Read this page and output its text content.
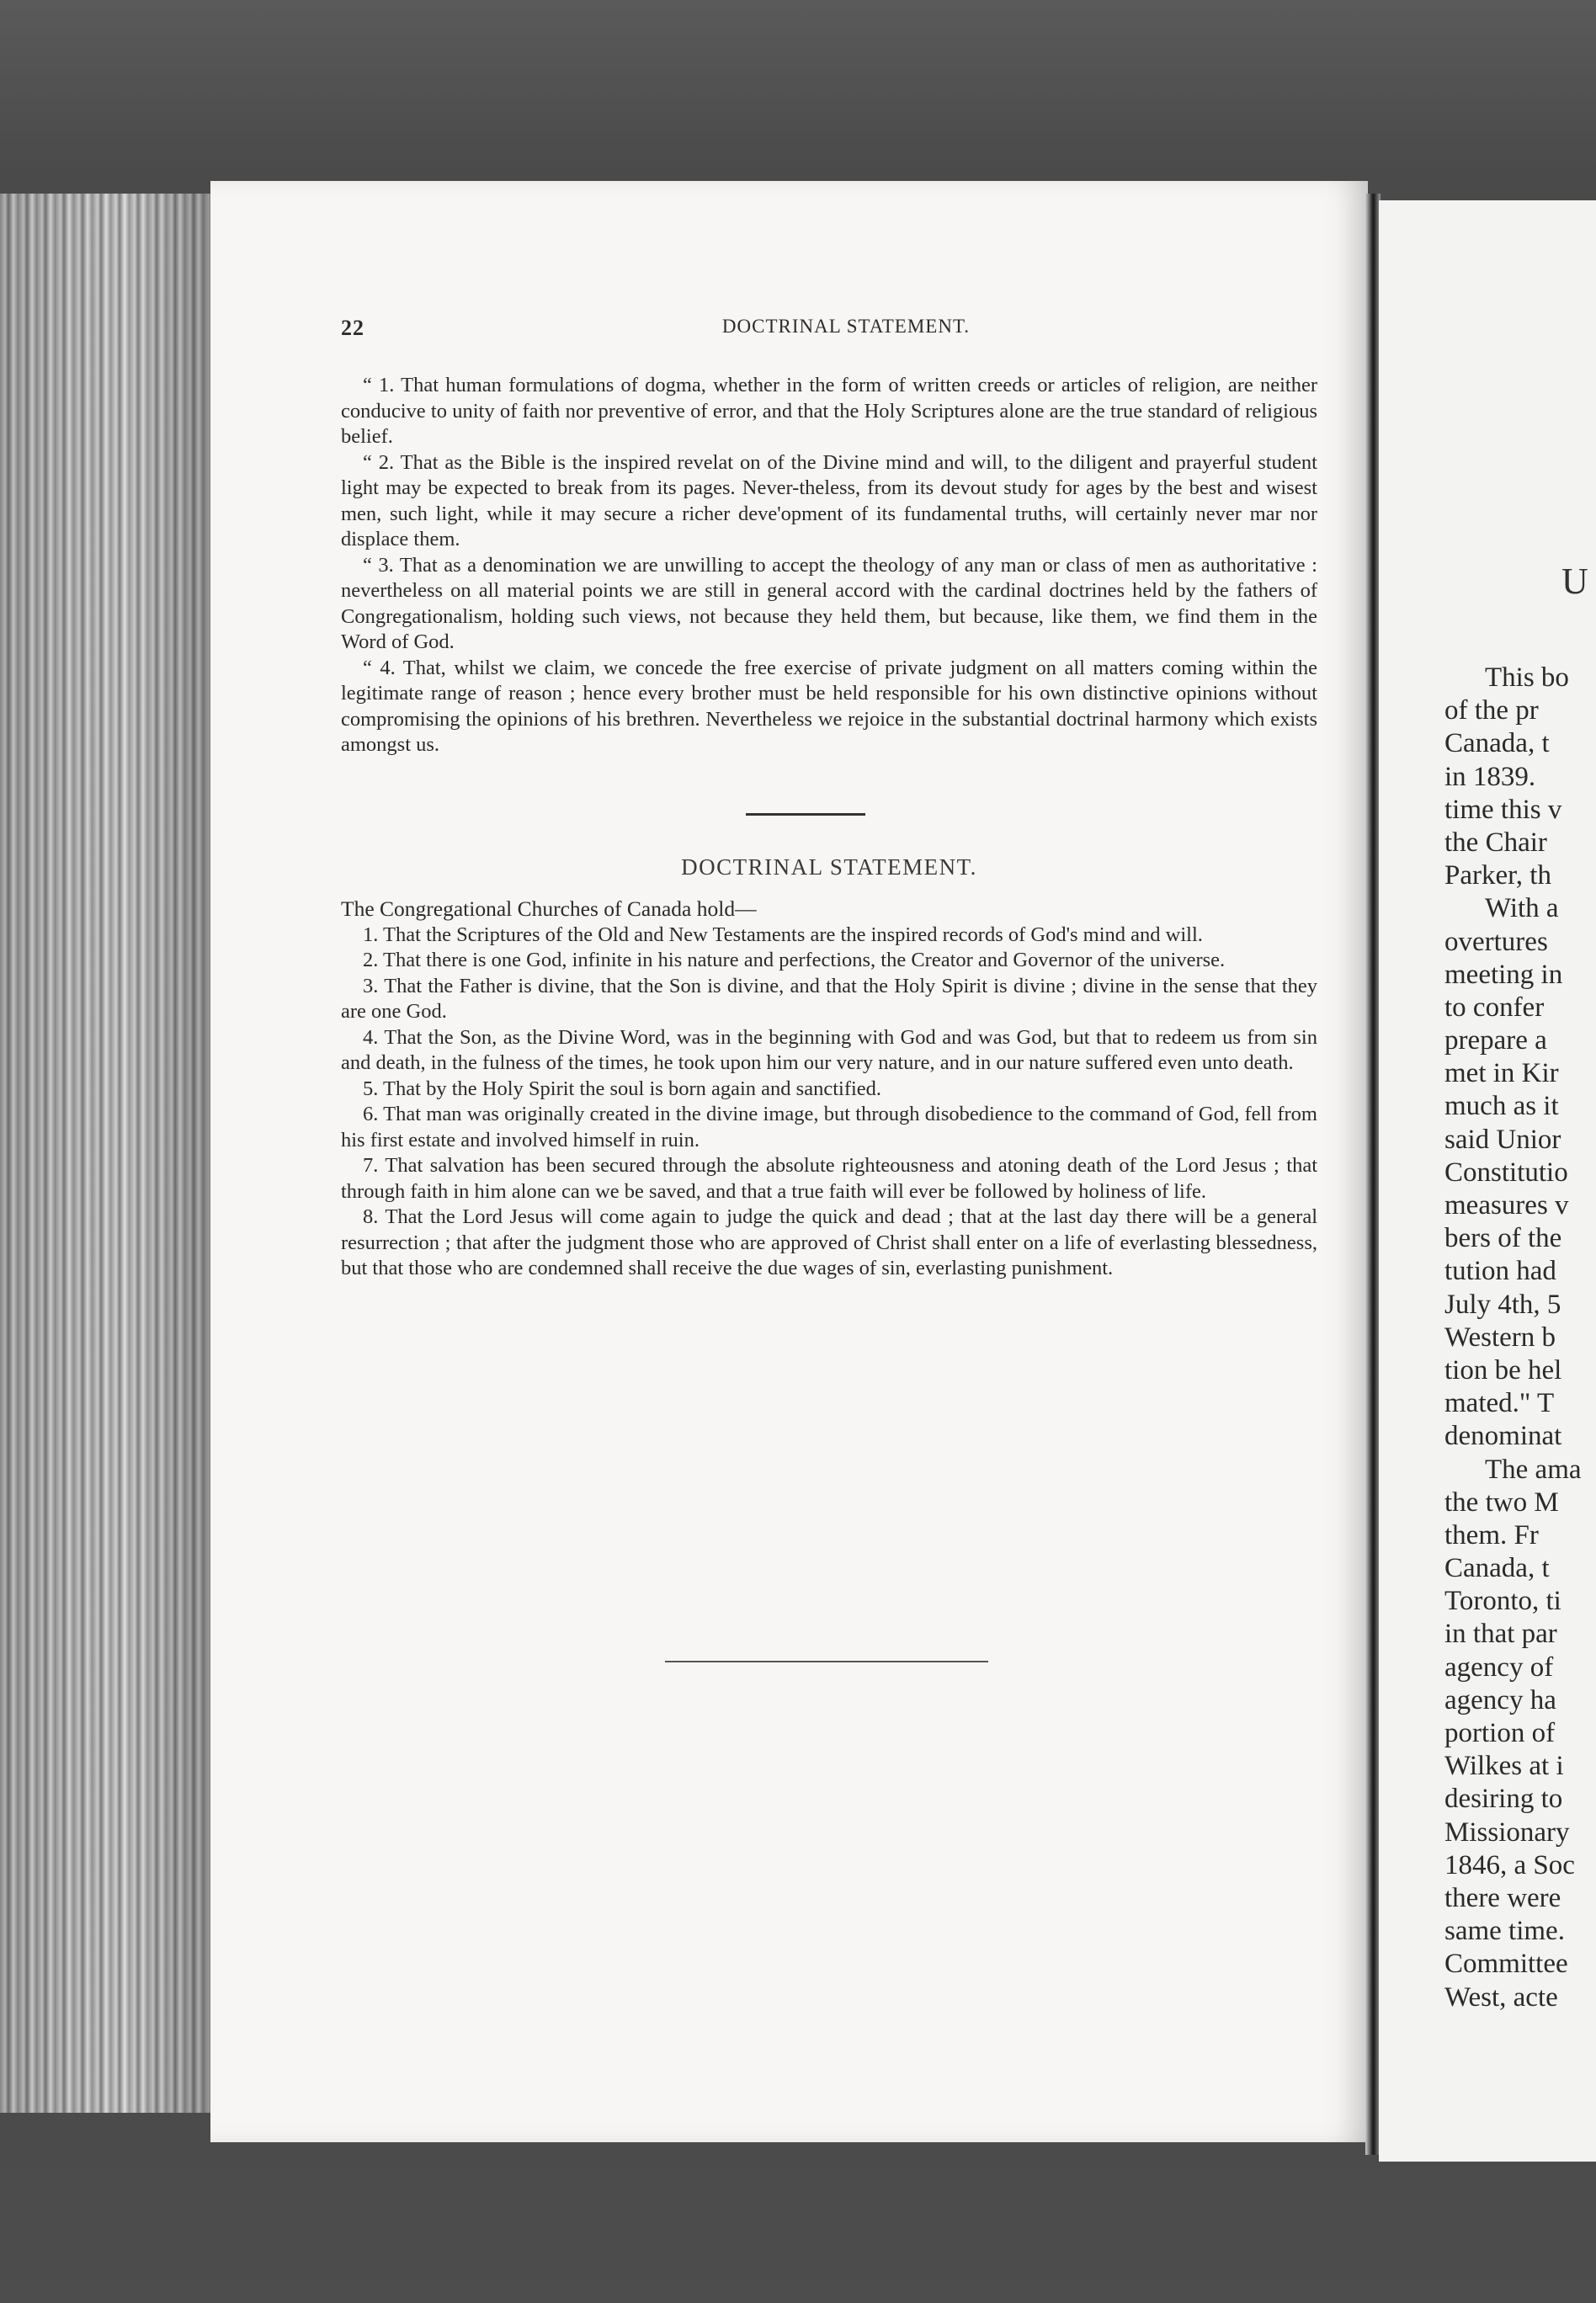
22	DOCTRINAL STATEMENT.

“ 1. That human formulations of dogma, whether in the form of written creeds or articles of religion, are neither conducive to unity of faith nor preventive of error, and that the Holy Scriptures alone are the true standard of religious belief.

“ 2. That as the Bible is the inspired revelat on of the Divine mind and will, to the diligent and prayerful student light may be expected to break from its pages. Never-theless, from its devout study for ages by the best and wisest men, such light, while it may secure a richer deve'opment of its fundamental truths, will certainly never mar nor displace them.

“ 3. That as a denomination we are unwilling to accept the theology of any man or class of men as authoritative : nevertheless on all material points we are still in general accord with the cardinal doctrines held by the fathers of Congregationalism, holding such views, not because they held them, but because, like them, we find them in the Word of God.

“ 4. That, whilst we claim, we concede the free exercise of private judgment on all matters coming within the legitimate range of reason ; hence every brother must be held responsible for his own distinctive opinions without compromising the opinions of his brethren. Nevertheless we rejoice in the substantial doctrinal harmony which exists amongst us.

DOCTRINAL STATEMENT.

The Congregational Churches of Canada hold—

1. That the Scriptures of the Old and New Testaments are the inspired records of God's mind and will.

2. That there is one God, infinite in his nature and perfections, the Creator and Governor of the universe.

3. That the Father is divine, that the Son is divine, and that the Holy Spirit is divine ; divine in the sense that they are one God.

4. That the Son, as the Divine Word, was in the beginning with God and was God, but that to redeem us from sin and death, in the fulness of the times, he took upon him our very nature, and in our nature suffered even unto death.

5. That by the Holy Spirit the soul is born again and sanctified.

6. That man was originally created in the divine image, but through disobedience to the command of God, fell from his first estate and involved himself in ruin.

7. That salvation has been secured through the absolute righteousness and atoning death of the Lord Jesus ; that through faith in him alone can we be saved, and that a true faith will ever be followed by holiness of life.

8. That the Lord Jesus will come again to judge the quick and dead ; that at the last day there will be a general resurrection ; that after the judgment those who are approved of Christ shall enter on a life of everlasting blessedness, but that those who are condemned shall receive the due wages of sin, everlasting punishment.

U
This bo
of the pr
Canada, t
in 1839.
time this v
the Chair
Parker, th
With a
overtures
meeting in
to confer
prepare a
met in Kir
much as it
said Unior
Constitutio
measures v
bers of the
tution had
July 4th, 5
Western b
tion be hel
mated." T
denominat
The ama
the two M
them. Fr
Canada, t
Toronto, ti
in that par
agency of
agency ha
portion of
Wilkes at i
desiring to
Missionary
1846, a Soc
there were
same time.
Committee
West, acte
